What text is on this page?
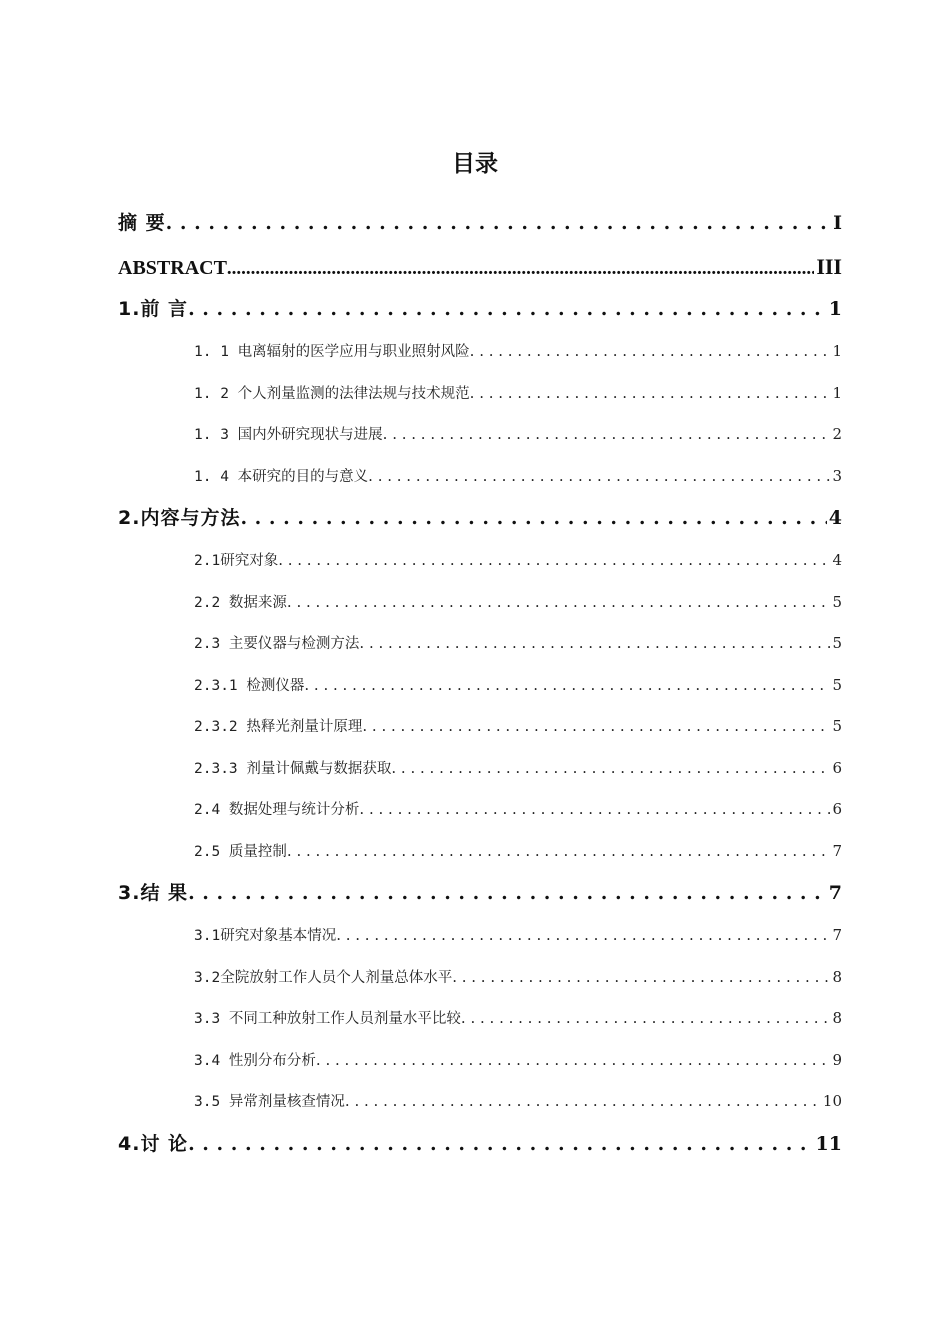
目录
摘 要 . . .	I
ABSTRACT .....	III
1.前 言 . . .	1
1. 1 电离辐射的医学应用与职业照射风险 . . .	1
1. 2 个人剂量监测的法律法规与技术规范 . . .	1
1. 3 国内外研究现状与进展 . . .	2
1. 4 本研究的目的与意义 . . .	3
2.内容与方法 . . .	4
2.1研究对象 . . .	4
2.2 数据来源 . . .	5
2.3 主要仪器与检测方法 . . .	5
2.3.1 检测仪器 . . .	5
2.3.2 热释光剂量计原理 . . .	5
2.3.3 剂量计佩戴与数据获取 . . .	6
2.4 数据处理与统计分析 . . .	6
2.5 质量控制 . . .	7
3.结 果 . . .	7
3.1研究对象基本情况 . . .	7
3.2全院放射工作人员个人剂量总体水平 . . .	8
3.3 不同工种放射工作人员剂量水平比较 . . .	8
3.4 性别分布分析 . . .	9
3.5 异常剂量核查情况 . . .	10
4.讨 论 . . .	11
